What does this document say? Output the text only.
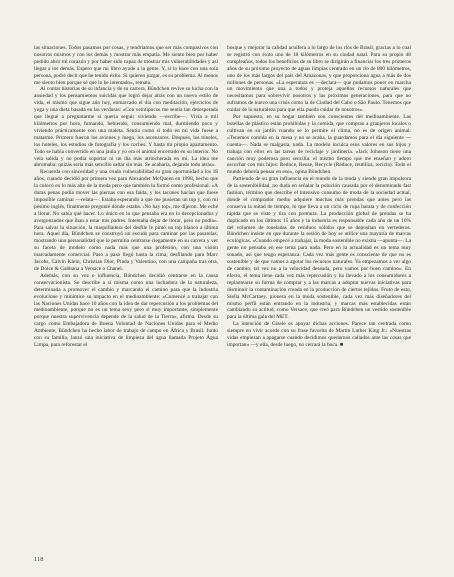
las situaciones. Todos pasamos por cosas, y tendríamos que ser más compasivos con nosotros mismos y con los demás y mostrar más empatía. Me siento bien por haber podido abrir mi corazón y por haber sido capaz de mostrar mis vulnerabilidades y así llegar a los demás. Espero que mi libro ayude a la gente. Y, si lo hace con una sola persona, podré decir que he tenido éxito. Si quieren juzgar, es su problema. Al menos me siento bien porque sé que lo he intentado», remata.

Al contar historias de su infancia y de su carrera, Bündchen revive su lucha con la ansiedad y los pensamientos suicidas que logró dejar atrás con un nuevo estilo de vida, el mismo que sigue aún hoy, enmarcado el día con meditación, ejercicios de yoga y una dieta basada en las verduras: «Con veintipocos me sentía tan desesperada que llegué a preguntarme si quería seguir viviendo —escribe—. Vivía a mil kilómetros por hora, fumando, bebiendo, consumiendo mal, durmiendo poco y viviendo prácticamente con una maleta. Sentía como si todo en mi vida fuese a matarme. Primero fueron los aviones y luego, los ascensores. Después, los túneles, los hoteles, los estudios de fotografía y los coches. Y hasta mi propio apartamento. Todo se había convertido en una jaula y yo era el animal encerrado en su interior. No veía salida y no podía soportar ni un día más atrincherada en mí. La idea me abrumaba: quizás sería más sencillo saltar sin más. Se acabaría, dejando todo atrás».

Recuerda con sinceridad y una cruda vulnerabilidad su gran oportunidad a los 18 años, cuando decidió por primera vez para Alexander McQueen en 1998, hecho que la colocó en lo más alto de la moda pero que también la formó como profesional. «A duras penas podía mover las piernas con esa falda, y los tacones hacían que fuese imposible caminar —relata—. Estaba esperando a que me pusieran un top y, con mi pésimo inglés, finalmente pregunté dónde estaba. ‹No hay top›, me dijeron. Me eché a llorar. No sabía qué hacer. Lo único en lo que pensaba era en lo decepcionados y avergonzados que iban a estar mis padres. Intentaba dejar de llorar, pero no podía». Para salvar la situación, la maquilladora del desfile le pintó un top blanco a última hora. Aquel día, Bündchen se construyó un escudo para caminar por las pasarelas, mostrando una personalidad que le permitía centrarse ciegamente en su carrera y ver su faceta de modelo como nada más que una profesión, con una visión marcadamente comercial. Paso a paso llegó hasta la cima, desfilando para Marc Jacobs, Calvin Klein, Christian Dior, Prada y Valentino, con una campaña tras otra, de Dolce & Gabbana a Versace o Chanel.

Además, con su voz e influencia, Bündchen decidió centrarse en la causa conservacionista. Se describe a sí misma como una luchadora de la naturaleza, determinada a promover el cambio y marcando el camino para que la industria evolucione y minimice su impacto en el medioambiente: «Comencé a trabajar con las Naciones Unidas hace 10 años con la idea de dar repercusión a los problemas del medioambiente, porque no es un tema sexy pero sí muy importante, simplemente porque nuestra supervivencia depende de la salud de la Tierra», afirma. Desde su cargo como Embajadora de Buena Voluntad de Naciones Unidas para el Medio Ambiente, Bündchen ha hecho labor de trabajo de campo en África y Brasil. Junto con su familia, lanzó una iniciativa de limpieza del agua llamada Projeto Água Limpa, para reforestar el

bosque y mejorar la calidad acuífera a lo largo de los ríos de Brasil, gracias a lo cual se registró con éxito uno de 18 kilómetros en su ciudad natal. Para su propio 40 cumpleaños, todos los beneficios de su libro se dirigirán a financiar los tres primeros años de su próximo proyecto de aguas limpias centrado en un río de 800 kilómetros, uno de los más largos del país del Amazonas, y que proporciona agua a más de dos millones de personas. «La esperanza es —declara— que podamos poner en marcha un movimiento que una a todos y proteja aquellos recursos naturales que necesitamos para sobrevivir nosotros y las próximas generaciones, para que no suframos de nuevo una crisis como la de Ciudad del Cabo o São Paulo. Tenemos que cuidar de la naturaleza para que ella pueda cuidar de nosotros».

Por supuesto, en su hogar también son conscientes del medioambiente. Las botellas de plástico están prohibidas y la comida, que compran a granjeros locales o cultivan en su jardín cuando se lo permite el clima, no es de origen animal: «Tenemos comida en la mesa y no se acaba, la guardamos para el día siguiente —cuenta—. Nada se malgasta, nada. La modelo inculca esos valores en sus hijos y trabaja con ellos en las tareas de reciclaje y jardinería. «Jack Johnson tiene una canción muy poderosa pero sencilla: el mismo tiempo que me enseñan y adoro escuchar con mis hijos: Reduce, Reuse, Recycle (Reduce, reutiliza, recicla). Todo el mundo debería pensar en eso», opina Bündchen.

Partiendo de su gran influencia en el mundo de la moda y siendo gran impulsora de la sostenibilidad, no duda en señalar la polución causada por el denominado fast fashion, término que describe el intensivo consumo de moda de la sociedad actual, donde el comprador medio adquiere muchas más prendas que antes pero las conserva la mitad de tiempo, lo que lleva a un ciclo de ropa barata y de confección rápida que se viste y tira con premura. La producción global de prendas se ha duplicado en los últimos 15 años y la industria es responsable cada año de un 10% del volumen de toneladas de residuos sólidos que se depositan en vertederos. Bündchen insiste en que durante la sesión de hoy se utilice una mayoría de marcas ecológicas. «Cuando empecé a trabajar, la moda sostenible no existía —apunta—. La gente no pensaba en ese tema para nada. Pero en la actualidad es un tema muy sonado, así que tengo esperanza. Cada vez más gente es consciente de que no es sostenible y de que vamos a agotar los recursos naturales. Ya empezamos a ver algo de cambio; tal vez no a la velocidad deseada, pero vamos por buen camino». En efecto, el tema tiene cada vez más repercusión y ha llevado a los consumidores a replantearse su forma de comprar y a las marcas a adoptar nuevas iniciativas para disminuir la contaminación creada en la producción de ciertos tejidos. Fruto de esto, Stella McCartney, pionera en la moda sostenible, cada vez más diseñadores del mismo perfil están entrando en la industria, y marcas más establecidas están cambiando su actitud, como Versace, que creó para Bündchen un vestido sostenible para la última gala del MET.

La intención de Gisele es apoyar dichas acciones. Parece tan centrada como siempre en vivir acorde con su frase favorita de Martin Luther King Jr.: «Nuestras vidas empiezan a apagarse cuando decidimos quedarnos callados ante las cosas que importan» —y ella, desde luego, no cerrará la boca. ■

118
